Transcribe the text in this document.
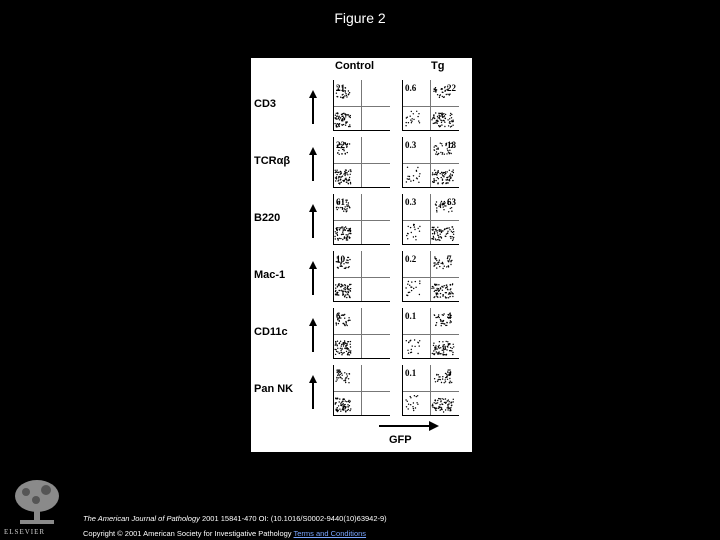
Figure 2
Control	Tg
CD3
21	0.6	22
TCRαβ
22	0.3	18
B220
61	0.3	63
Mac-1
10	0.2	7
CD11c
6	0.1	4
Pan NK
7	0.1	5
GFP
ELSEVIER
The American Journal of Pathology 2001 15841-470 OI: (10.1016/S0002-9440(10)63942-9)
Copyright © 2001 American Society for Investigative Pathology Terms and Conditions
